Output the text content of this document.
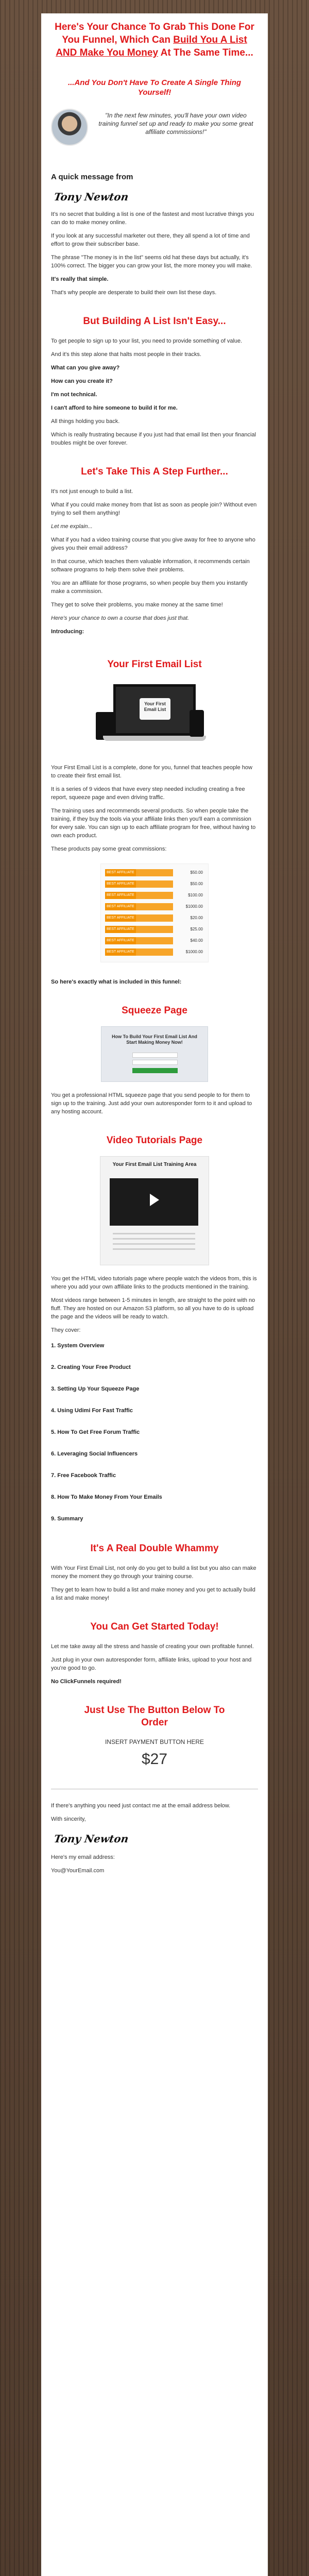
Here's Your Chance To Grab This Done For You Funnel, Which Can Build You A List AND Make You Money At The Same Time...
...And You Don't Have To Create A Single Thing Yourself!

"In the next few minutes, you'll have your own video training funnel set up and ready to make you some great affiliate commissions!"

A quick message from
Tony Newton

It's no secret that building a list is one of the fastest and most lucrative things you can do to make money online.

If you look at any successful marketer out there, they all spend a lot of time and effort to grow their subscriber base.

The phrase "The money is in the list" seems old hat these days but actually, it's 100% correct. The bigger you can grow your list, the more money you will make.

It's really that simple.

That's why people are desperate to build their own list these days.

But Building A List Isn't Easy...

To get people to sign up to your list, you need to provide something of value.

And it's this step alone that halts most people in their tracks.

What can you give away?

How can you create it?

I'm not technical.

I can't afford to hire someone to build it for me.

All things holding you back.

Which is really frustrating because if you just had that email list then your financial troubles might be over forever.

Let's Take This A Step Further...

It's not just enough to build a list.

What if you could make money from that list as soon as people join? Without even trying to sell them anything!

Let me explain...

What if you had a video training course that you give away for free to anyone who gives you their email address?

In that course, which teaches them valuable information, it recommends certain software programs to help them solve their problems.

You are an affiliate for those programs, so when people buy them you instantly make a commission.

They get to solve their problems, you make money at the same time!

Here's your chance to own a course that does just that.

Introducing:

Your First Email List
Your First Email List

Your First Email List is a complete, done for you, funnel that teaches people how to create their first email list.

It is a series of 9 videos that have every step needed including creating a free report, squeeze page and even driving traffic.

The training uses and recommends several products. So when people take the training, if they buy the tools via your affiliate links then you'll earn a commission for every sale. You can sign up to each affiliate program for free, without having to own each product.

These products pay some great commissions:

BEST AFFILIATE	$50.00
BEST AFFILIATE	$50.00
BEST AFFILIATE	$100.00
BEST AFFILIATE	$1000.00
BEST AFFILIATE	$20.00
BEST AFFILIATE	$25.00
BEST AFFILIATE	$40.00
BEST AFFILIATE	$1000.00

So here's exactly what is included in this funnel:

Squeeze Page
How To Build Your First Email List And Start Making Money Now!

You get a professional HTML squeeze page that you send people to for them to sign up to the training. Just add your own autoresponder form to it and upload to any hosting account.

Video Tutorials Page
Your First Email List Training Area

You get the HTML video tutorials page where people watch the videos from, this is where you add your own affiliate links to the products mentioned in the training.

Most videos range between 1-5 minutes in length, are straight to the point with no fluff. They are hosted on our Amazon S3 platform, so all you have to do is upload the page and the videos will be ready to watch.

They cover:

1. System Overview
2. Creating Your Free Product
3. Setting Up Your Squeeze Page
4. Using Udimi For Fast Traffic
5. How To Get Free Forum Traffic
6. Leveraging Social Influencers
7. Free Facebook Traffic
8. How To Make Money From Your Emails
9. Summary
It's A Real Double Whammy

With Your First Email List, not only do you get to build a list but you also can make money the moment they go through your training course.

They get to learn how to build a list and make money and you get to actually build a list and make money!

You Can Get Started Today!

Let me take away all the stress and hassle of creating your own profitable funnel.

Just plug in your own autoresponder form, affiliate links, upload to your host and you're good to go.

No ClickFunnels required!

Just Use The Button Below To Order
INSERT PAYMENT BUTTON HERE
$27

If there's anything you need just contact me at the email address below.

With sincerity,

Tony Newton

Here's my email address:

You@YourEmail.com
